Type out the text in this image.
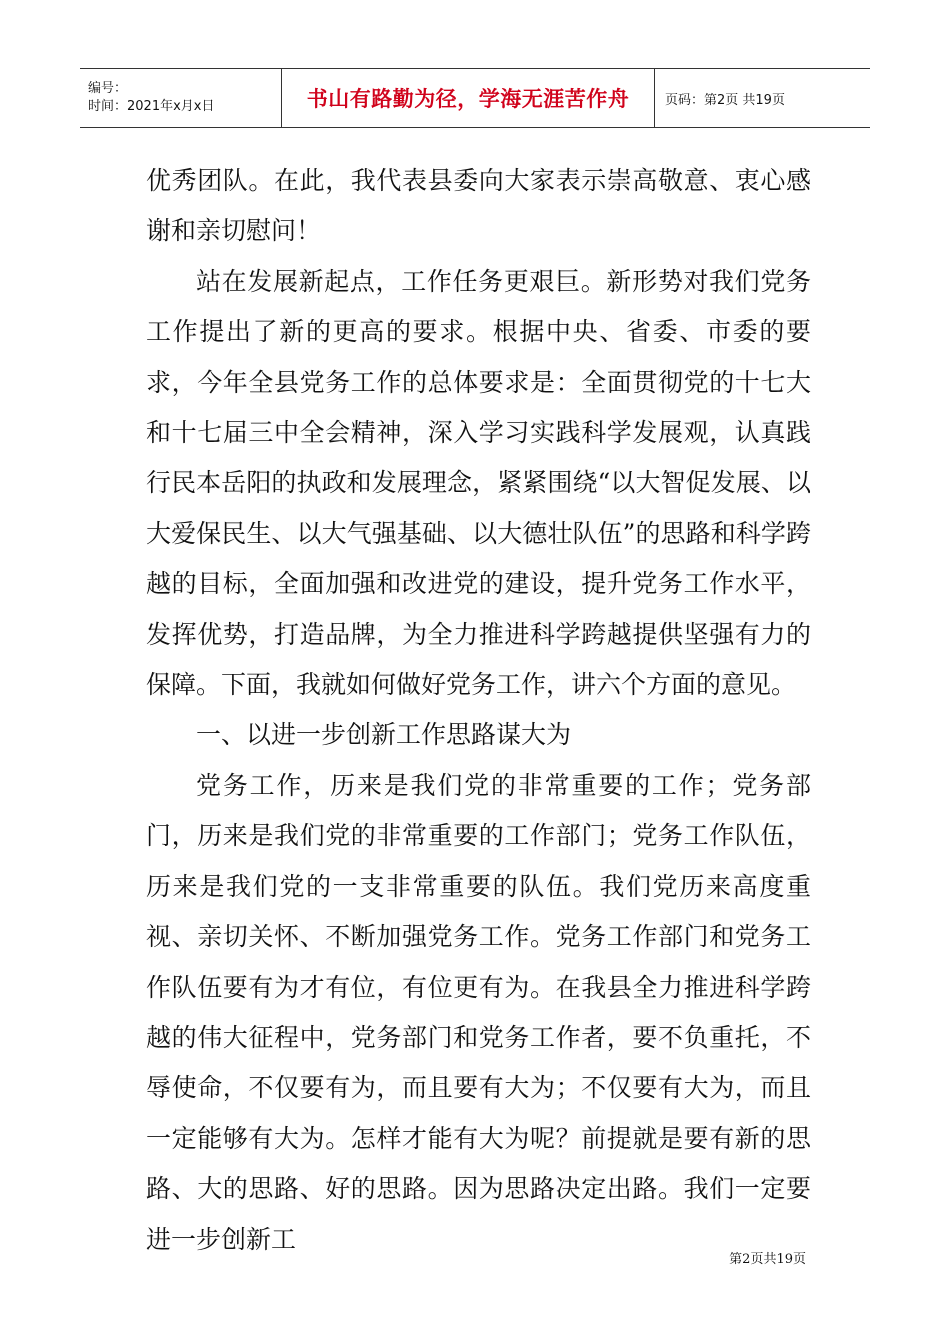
编号：
时间：2021年x月x日	书山有路勤为径，学海无涯苦作舟	页码：第2页 共19页

优秀团队。在此，我代表县委向大家表示崇高敬意、衷心感谢和亲切慰问！

站在发展新起点，工作任务更艰巨。新形势对我们党务工作提出了新的更高的要求。根据中央、省委、市委的要求，今年全县党务工作的总体要求是：全面贯彻党的十七大和十七届三中全会精神，深入学习实践科学发展观，认真践行民本岳阳的执政和发展理念，紧紧围绕“以大智促发展、以大爱保民生、以大气强基础、以大德壮队伍”的思路和科学跨越的目标，全面加强和改进党的建设，提升党务工作水平，发挥优势，打造品牌，为全力推进科学跨越提供坚强有力的保障。下面，我就如何做好党务工作，讲六个方面的意见。

一、以进一步创新工作思路谋大为

党务工作，历来是我们党的非常重要的工作；党务部门，历来是我们党的非常重要的工作部门；党务工作队伍，历来是我们党的一支非常重要的队伍。我们党历来高度重视、亲切关怀、不断加强党务工作。党务工作部门和党务工作队伍要有为才有位，有位更有为。在我县全力推进科学跨越的伟大征程中，党务部门和党务工作者，要不负重托，不辱使命，不仅要有为，而且要有大为；不仅要有大为，而且一定能够有大为。怎样才能有大为呢？前提就是要有新的思路、大的思路、好的思路。因为思路决定出路。我们一定要进一步创新工

第2页共19页
